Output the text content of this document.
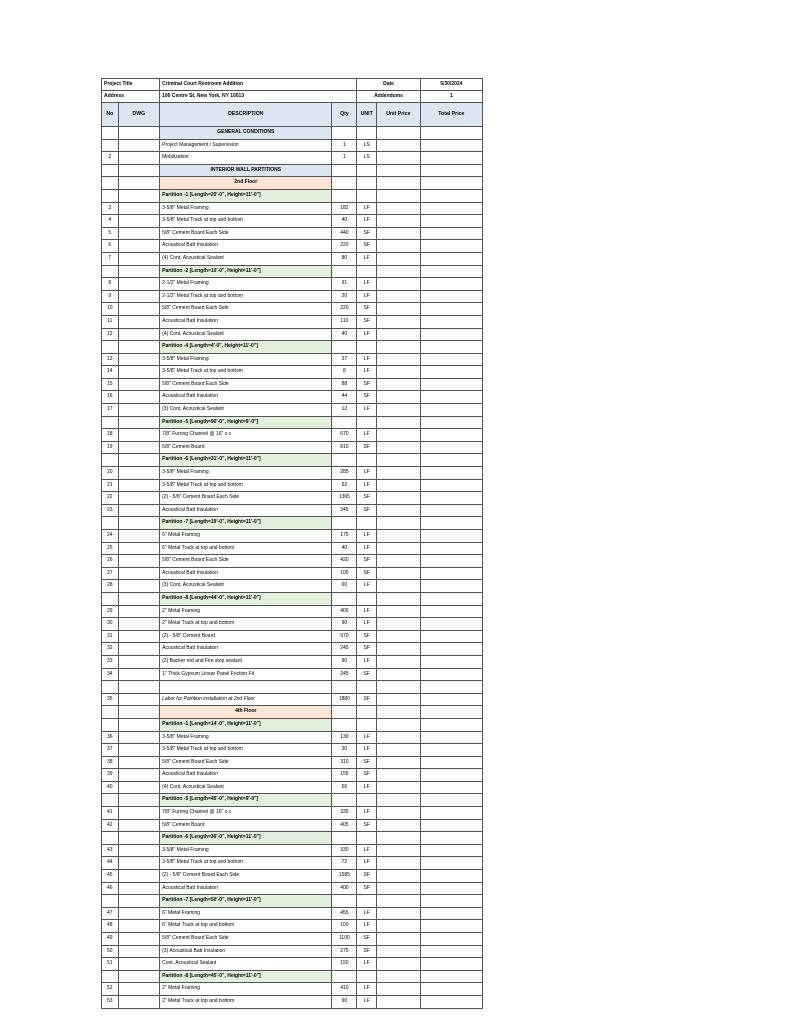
Project Title		Criminal Court Restroom Addition		Date		5/30/2024
Address		100 Centre St, New York, NY 10013		Addendums		1
No	DWG	DESCRIPTION	Qty	UNIT	Unit Price	Total Price
		GENERAL CONDITIONS				
		Project Management / Supervision	1	LS		
2		Mobilization	1	LS		
		INTERIOR WALL PARTITIONS				
		2nd Floor				
		Partition -1 [Length=20'-0", Height=11'-0"]				
3		3-5/8" Metal Framing	182	LF		
4		3-5/8" Metal Track at top and bottom	40	LF		
5		5/8" Cement Board Each Side	440	SF		
6		Acoustical Batt Insulation	220	SF		
7		(4) Cont. Acoustical Sealant	80	LF		
		Partition -2 [Length=10'-0", Height=11'-0"]				
8		2-1/2" Metal Framing	91	LF		
9		2-1/2" Metal Track at top and bottom	20	LF		
10		5/8" Cement Board Each Side	220	SF		
11		Acoustical Batt Insulation	110	SF		
12		(4) Cont. Acoustical Sealant	40	LF		
		Partition -4 [Length=4'-0", Height=11'-0"]				
13		3-5/8" Metal Framing	37	LF		
14		3-5/8" Metal Track at top and bottom	8	LF		
15		5/8" Cement Board Each Side	88	SF		
16		Acoustical Batt Insulation	44	SF		
17		(3) Cont. Acoustical Sealant	12	LF		
		Partition -5 [Length=90'-0", Height=9'-0"]				
18		7/8" Furring Channel @ 16" o.c	670	LF		
19		5/8" Cement Board	810	SF		
		Partition -6 [Length=31'-0", Height=11'-0"]				
20		3-5/8" Metal Framing	285	LF		
21		3-5/8" Metal Track at top and bottom	62	LF		
22		(2) - 5/8" Cement Board Each Side	1365	SF		
23		Acoustical Batt Insulation	345	SF		
		Partition -7 [Length=19'-0", Height=11'-0"]				
24		6" Metal Framing	175	LF		
25		6" Metal Track at top and bottom	40	LF		
26		5/8" Cement Board Each Side	420	SF		
27		Acoustical Batt Insulation	105	SF		
28		(3) Cont. Acoustical Sealant	60	LF		
		Partition -8 [Length=44'-0", Height=11'-0"]				
29		2" Metal Framing	400	LF		
30		2" Metal Track at top and bottom	90	LF		
31		(2) - 5/8" Cement Board	970	SF		
32		Acoustical Batt Insulation	245	SF		
33		(2) Backer rod and Fire stop sealant	90	LF		
34		1" Thick Gypsum Linear Panel Friction Fit	245	SF		

35		Labor for Partition installation at 2nd Floor	1880	SF		
		4th Floor				
		Partition -1 [Length=14'-0", Height=11'-0"]				
36		3-5/8" Metal Framing	130	LF		
37		3-5/8" Metal Track at top and bottom	30	LF		
38		5/8" Cement Board Each Side	310	SF		
39		Acoustical Batt Insulation	155	SF		
40		(4) Cont. Acoustical Sealant	56	LF		
		Partition -5 [Length=45'-0", Height=9'-0"]				
41		7/8" Furring Channel @ 16" o.c	335	LF		
42		5/8" Cement Board	405	SF		
		Partition -6 [Length=36'-0", Height=11'-0"]				
43		3-5/8" Metal Framing	330	LF		
44		3-5/8" Metal Track at top and bottom	72	LF		
45		(2) - 5/8" Cement Board Each Side	1585	SF		
46		Acoustical Batt Insulation	400	SF		
		Partition -7 [Length=50'-0", Height=11'-0"]				
47		6" Metal Framing	455	LF		
48		6" Metal Track at top and bottom	100	LF		
49		5/8" Cement Board Each Side	1100	SF		
50		(3) Acoustical Batt Insulation	275	SF		
51		Cont. Acoustical Sealant	150	LF		
		Partition -8 [Length=45'-0", Height=11'-0"]				
52		2" Metal Framing	410	LF		
53		2" Metal Track at top and bottom	90	LF		
